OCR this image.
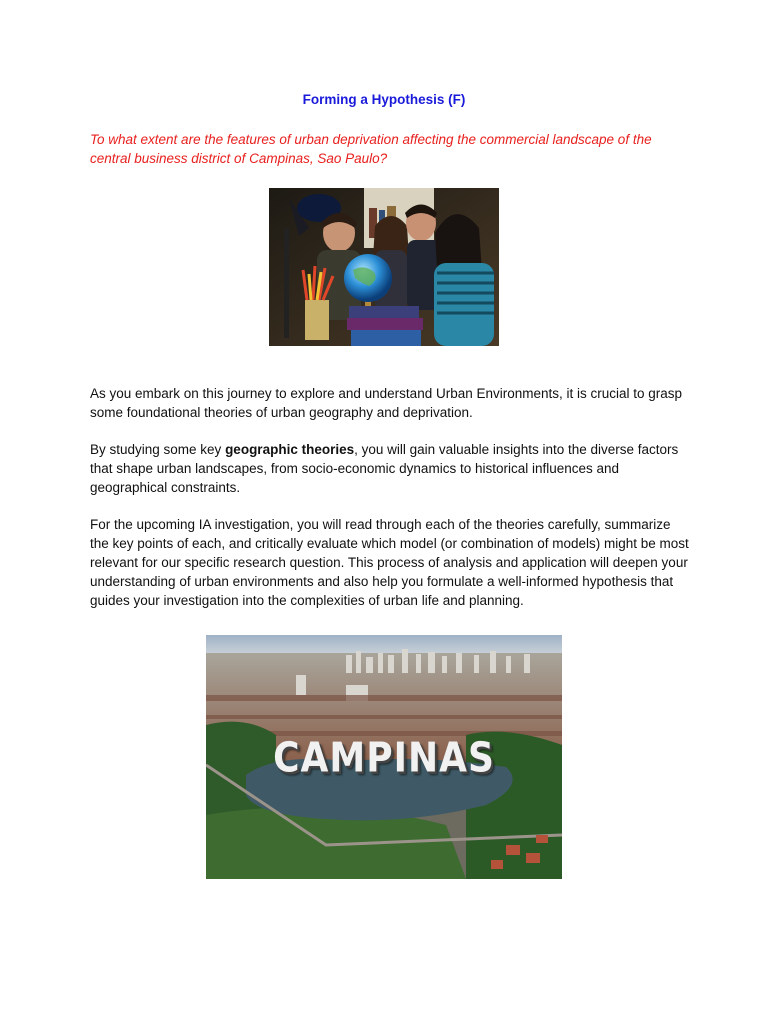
Forming a Hypothesis (F)
To what extent are the features of urban deprivation affecting the commercial landscape of the central business district of Campinas, Sao Paulo?

As you embark on this journey to explore and understand Urban Environments, it is crucial to grasp some foundational theories of urban geography and deprivation.

By studying some key geographic theories, you will gain valuable insights into the diverse factors that shape urban landscapes, from socio-economic dynamics to historical influences and geographical constraints.

For the upcoming IA investigation, you will read through each of the theories carefully, summarize the key points of each, and critically evaluate which model (or combination of models) might be most relevant for our specific research question. This process of analysis and application will deepen your understanding of urban environments and also help you formulate a well-informed hypothesis that guides your investigation into the complexities of urban life and planning.

CAMPINAS
